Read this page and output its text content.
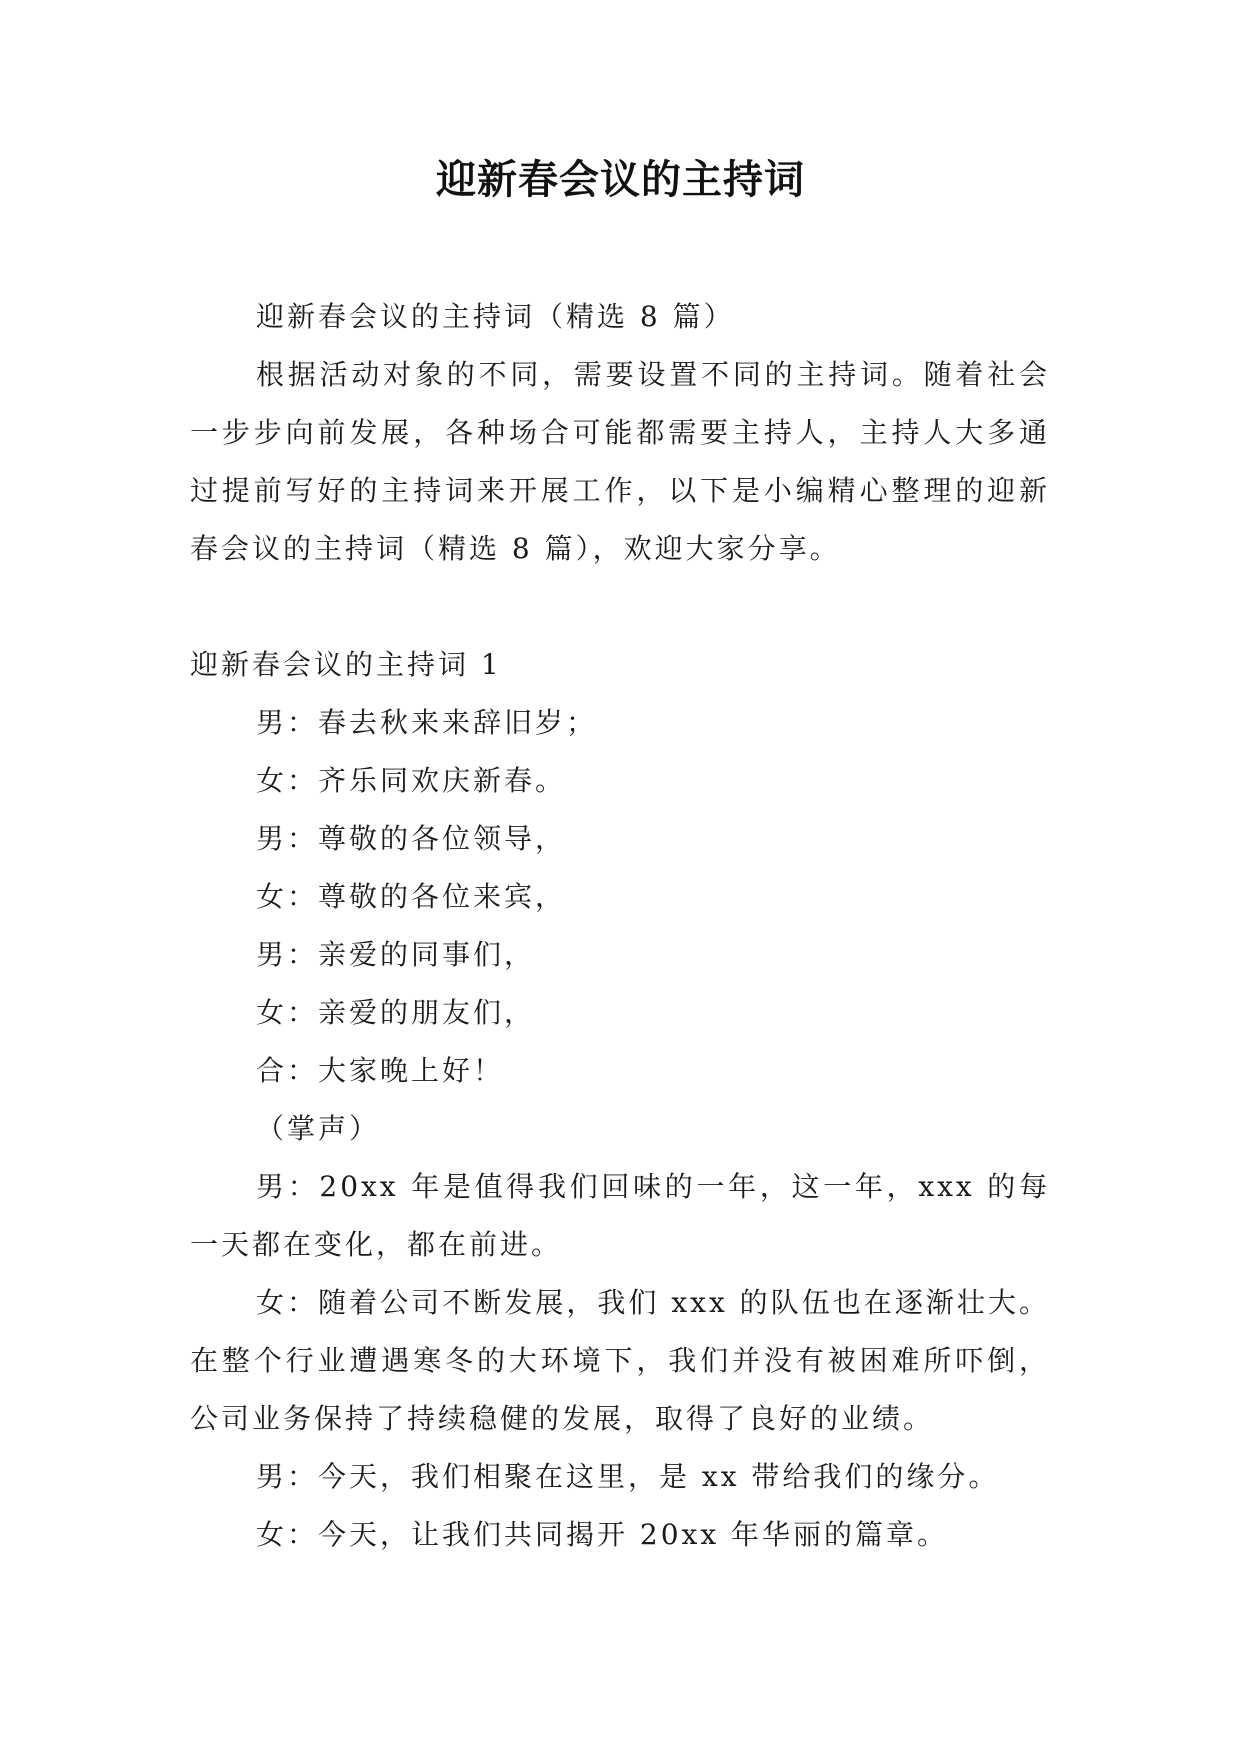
迎新春会议的主持词

迎新春会议的主持词（精选 8 篇）

根据活动对象的不同，需要设置不同的主持词。随着社会一步步向前发展，各种场合可能都需要主持人，主持人大多通过提前写好的主持词来开展工作，以下是小编精心整理的迎新春会议的主持词（精选 8 篇），欢迎大家分享。

迎新春会议的主持词 1

男：春去秋来来辞旧岁；

女：齐乐同欢庆新春。

男：尊敬的各位领导，

女：尊敬的各位来宾，

男：亲爱的同事们，

女：亲爱的朋友们，

合：大家晚上好！

（掌声）

男：20xx 年是值得我们回味的一年，这一年，xxx 的每一天都在变化，都在前进。

女：随着公司不断发展，我们 xxx 的队伍也在逐渐壮大。在整个行业遭遇寒冬的大环境下，我们并没有被困难所吓倒，公司业务保持了持续稳健的发展，取得了良好的业绩。

男：今天，我们相聚在这里，是 xx 带给我们的缘分。

女：今天，让我们共同揭开 20xx 年华丽的篇章。
